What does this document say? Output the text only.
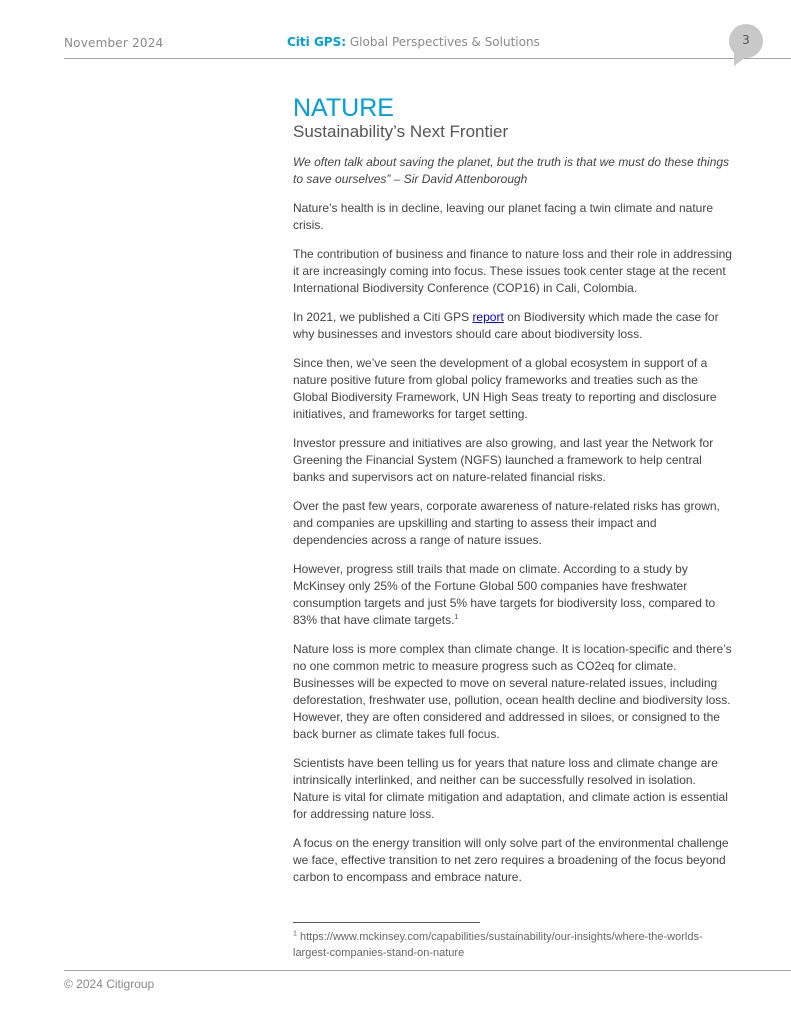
November 2024	Citi GPS: Global Perspectives & Solutions	3
NATURE
Sustainability’s Next Frontier

We often talk about saving the planet, but the truth is that we must do these things to save ourselves” – Sir David Attenborough

Nature’s health is in decline, leaving our planet facing a twin climate and nature crisis.

The contribution of business and finance to nature loss and their role in addressing it are increasingly coming into focus. These issues took center stage at the recent International Biodiversity Conference (COP16) in Cali, Colombia.

In 2021, we published a Citi GPS report on Biodiversity which made the case for why businesses and investors should care about biodiversity loss.

Since then, we’ve seen the development of a global ecosystem in support of a nature positive future from global policy frameworks and treaties such as the Global Biodiversity Framework, UN High Seas treaty to reporting and disclosure initiatives, and frameworks for target setting.

Investor pressure and initiatives are also growing, and last year the Network for Greening the Financial System (NGFS) launched a framework to help central banks and supervisors act on nature-related financial risks.

Over the past few years, corporate awareness of nature-related risks has grown, and companies are upskilling and starting to assess their impact and dependencies across a range of nature issues.

However, progress still trails that made on climate. According to a study by McKinsey only 25% of the Fortune Global 500 companies have freshwater consumption targets and just 5% have targets for biodiversity loss, compared to 83% that have climate targets.$^1$

Nature loss is more complex than climate change. It is location-specific and there’s no one common metric to measure progress such as CO2eq for climate. Businesses will be expected to move on several nature-related issues, including deforestation, freshwater use, pollution, ocean health decline and biodiversity loss. However, they are often considered and addressed in siloes, or consigned to the back burner as climate takes full focus.

Scientists have been telling us for years that nature loss and climate change are intrinsically interlinked, and neither can be successfully resolved in isolation. Nature is vital for climate mitigation and adaptation, and climate action is essential for addressing nature loss.

A focus on the energy transition will only solve part of the environmental challenge we face, effective transition to net zero requires a broadening of the focus beyond carbon to encompass and embrace nature.

$^1$ https://www.mckinsey.com/capabilities/sustainability/our-insights/where-the-worlds-largest-companies-stand-on-nature
© 2024 Citigroup
